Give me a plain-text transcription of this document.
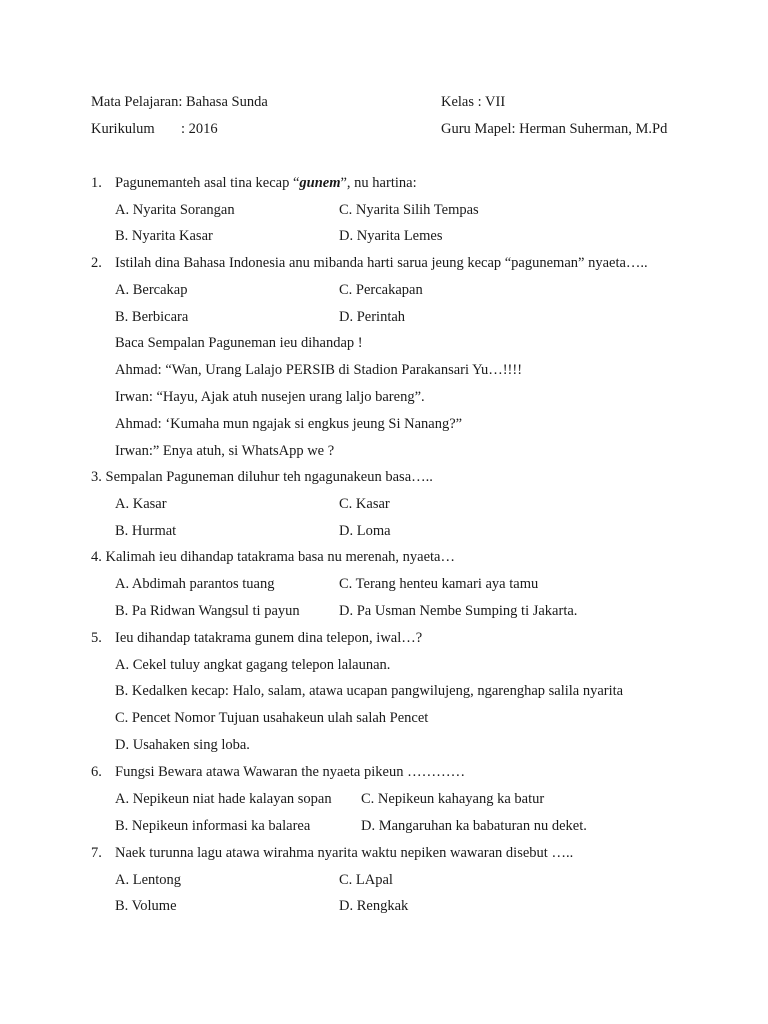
Mata Pelajaran: Bahasa Sunda	Kelas : VII
Kurikulum : 2016	Guru Mapel: Herman Suherman, M.Pd
1. Pagunemanteh asal tina kecap “gunem”, nu hartina:
A. Nyarita Sorangan	C. Nyarita Silih Tempas
B. Nyarita Kasar	D. Nyarita Lemes
2. Istilah dina Bahasa Indonesia anu mibanda harti sarua jeung kecap “paguneman” nyaeta…..
A. Bercakap	C. Percakapan
B. Berbicara	D. Perintah
Baca Sempalan Paguneman ieu dihandap !
Ahmad: “Wan, Urang Lalajo PERSIB di Stadion Parakansari Yu…!!!!
Irwan: “Hayu, Ajak atuh nusejen urang laljo bareng”.
Ahmad: ‘Kumaha mun ngajak si engkus jeung Si Nanang?”
Irwan:” Enya atuh, si WhatsApp we ?
3. Sempalan Paguneman diluhur teh ngagunakeun basa…..
A. Kasar	C. Kasar
B. Hurmat	D. Loma
4. Kalimah ieu dihandap tatakrama basa nu merenah, nyaeta…
A. Abdimah parantos tuang	C. Terang henteu kamari aya tamu
B. Pa Ridwan Wangsul ti payun	D. Pa Usman Nembe Sumping ti Jakarta.
5. Ieu dihandap tatakrama gunem dina telepon, iwal…?
A. Cekel tuluy angkat gagang telepon lalaunan.
B. Kedalken kecap: Halo, salam, atawa ucapan pangwilujeng, ngarenghap salila nyarita
C. Pencet Nomor Tujuan usahakeun ulah salah Pencet
D. Usahaken sing loba.
6. Fungsi Bewara atawa Wawaran the nyaeta pikeun …………
A. Nepikeun niat hade kalayan sopan C. Nepikeun kahayang ka batur
B. Nepikeun informasi ka balarea	D. Mangaruhan ka babaturan nu deket.
7. Naek turunna lagu atawa wirahma nyarita waktu nepiken wawaran disebut …..
A. Lentong	C. LApal
B. Volume	D. Rengkak
